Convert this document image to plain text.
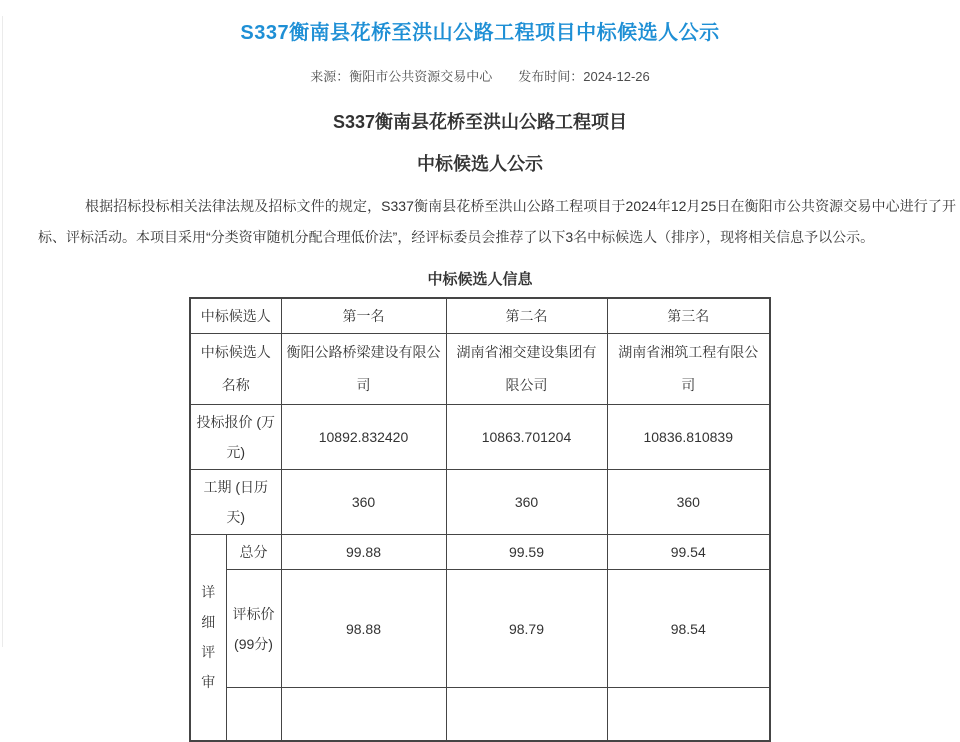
S337衡南县花桥至洪山公路工程项目中标候选人公示
来源：衡阳市公共资源交易中心 发布时间：2024-12-26
S337衡南县花桥至洪山公路工程项目
中标候选人公示

根据招标投标相关法律法规及招标文件的规定，S337衡南县花桥至洪山公路工程项目于2024年12月25日在衡阳市公共资源交易中心进行了开标、评标活动。本项目采用“分类资审随机分配合理低价法”，经评标委员会推荐了以下3名中标候选人（排序），现将相关信息予以公示。

中标候选人信息
中标候选人		第一名	第二名	第三名
中标候选人名称		衡阳公路桥梁建设有限公司	湖南省湘交建设集团有限公司	湖南省湘筑工程有限公司
投标报价 (万元)		10892.832420	10863.701204	10836.810839
工期 (日历天)		360	360	360
详细评审	总分	99.88	99.59	99.54
	评标价 (99分)	98.88	98.79	98.54
